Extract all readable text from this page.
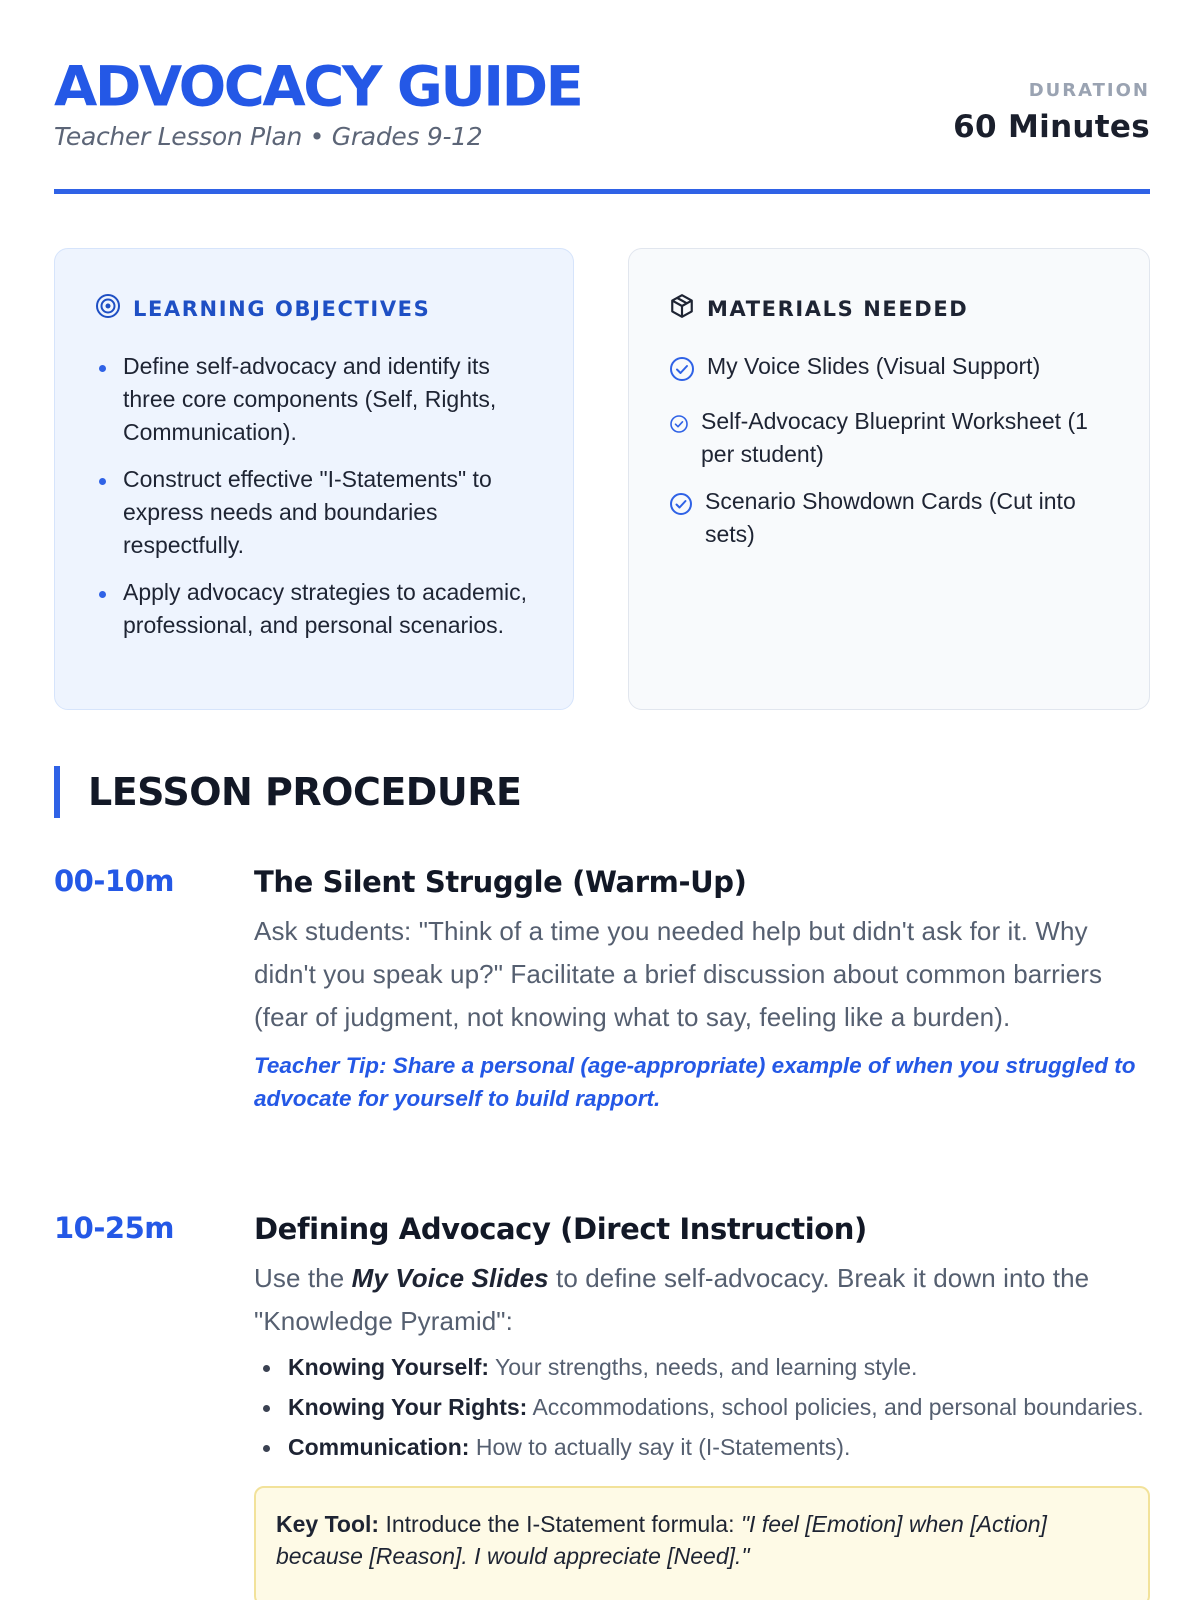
ADVOCACY GUIDE
Teacher Lesson Plan • Grades 9-12
DURATION
60 Minutes
LEARNING OBJECTIVES
Define self-advocacy and identify its three core components (Self, Rights, Communication).
Construct effective "I-Statements" to express needs and boundaries respectfully.
Apply advocacy strategies to academic, professional, and personal scenarios.
MATERIALS NEEDED
My Voice Slides (Visual Support)
Self-Advocacy Blueprint Worksheet (1 per student)
Scenario Showdown Cards (Cut into sets)
LESSON PROCEDURE
00-10m	The Silent Struggle (Warm-Up)
Ask students: "Think of a time you needed help but didn't ask for it. Why didn't you speak up?" Facilitate a brief discussion about common barriers (fear of judgment, not knowing what to say, feeling like a burden).
Teacher Tip: Share a personal (age-appropriate) example of when you struggled to advocate for yourself to build rapport.
10-25m	Defining Advocacy (Direct Instruction)
Use the My Voice Slides to define self-advocacy. Break it down into the "Knowledge Pyramid":
Knowing Yourself: Your strengths, needs, and learning style.
Knowing Your Rights: Accommodations, school policies, and personal boundaries.
Communication: How to actually say it (I-Statements).
Key Tool: Introduce the I-Statement formula: "I feel [Emotion] when [Action] because [Reason]. I would appreciate [Need]."
